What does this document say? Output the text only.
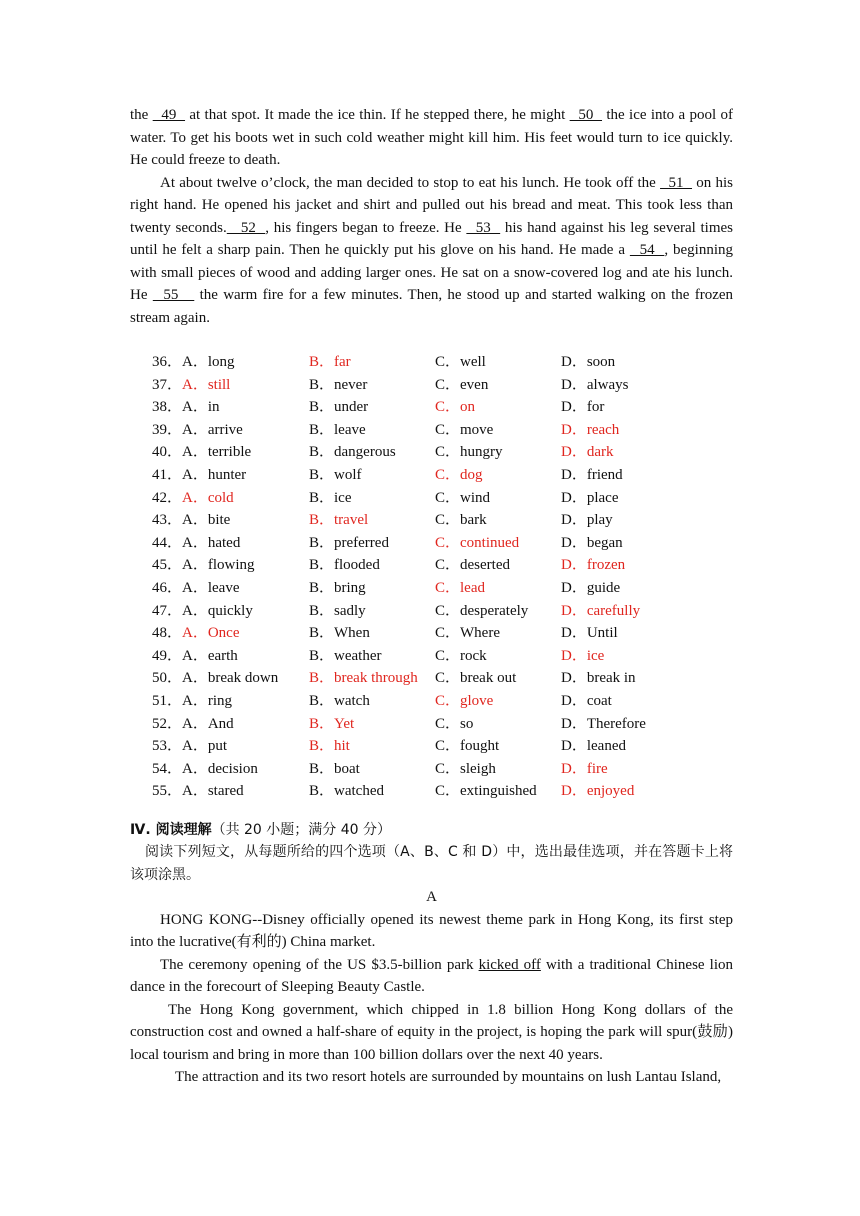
the   49   at that spot. It made the ice thin. If he stepped there, he might   50   the ice into a pool of water. To get his boots wet in such cold weather might kill him. His feet would turn to ice quickly. He could freeze to death.

At about twelve o’clock, the man decided to stop to eat his lunch. He took off the   51   on his right hand. He opened his jacket and shirt and pulled out his bread and meat. This took less than twenty seconds.   52  , his fingers began to freeze. He   53   his hand against his leg several times until he felt a sharp pain. Then he quickly put his glove on his hand. He made a   54  , beginning with small pieces of wood and adding larger ones. He sat on a snow-covered log and ate his lunch. He   55    the warm fire for a few minutes. Then, he stood up and started walking on the frozen stream again.

36． A．long	B．far	C．well	D．soon
37． A．still	B．never	C．even	D．always
38． A．in	B．under	C．on	D．for
39． A．arrive	B．leave	C．move	D．reach
40． A．terrible	B．dangerous	C．hungry	D．dark
41． A．hunter	B．wolf	C．dog	D．friend
42． A．cold	B．ice	C．wind	D．place
43． A．bite	B．travel	C．bark	D．play
44． A．hated	B．preferred	C．continued	D．began
45． A．flowing	B．flooded	C．deserted	D．frozen
46． A．leave	B．bring	C．lead	D．guide
47． A．quickly	B．sadly	C．desperately	D．carefully
48． A．Once	B．When	C．Where	D．Until
49． A．earth	B．weather	C．rock	D．ice
50． A．break down	B．break through	C．break out	D．break in
51． A．ring	B．watch	C．glove	D．coat
52． A．And	B．Yet	C．so	D．Therefore
53． A．put	B．hit	C．fought	D．leaned
54． A．decision	B．boat	C．sleigh	D．fire
55． A．stared	B．watched	C．extinguished	D．enjoyed

Ⅳ. 阅读理解（共 20 小题；满分 40 分）

阅读下列短文，从每题所给的四个选项（A、B、C 和 D）中，选出最佳选项，并在答题卡上将该项涂黑。

A

HONG KONG--Disney officially opened its newest theme park in Hong Kong, its first step into the lucrative(有利的) China market.

The ceremony opening of the US $3.5-billion park kicked off with a traditional Chinese lion dance in the forecourt of Sleeping Beauty Castle.

The Hong Kong government, which chipped in 1.8 billion Hong Kong dollars of the construction cost and owned a half-share of equity in the project, is hoping the park will spur(鼓励) local tourism and bring in more than 100 billion dollars over the next 40 years.

The attraction and its two resort hotels are surrounded by mountains on lush Lantau Island,
